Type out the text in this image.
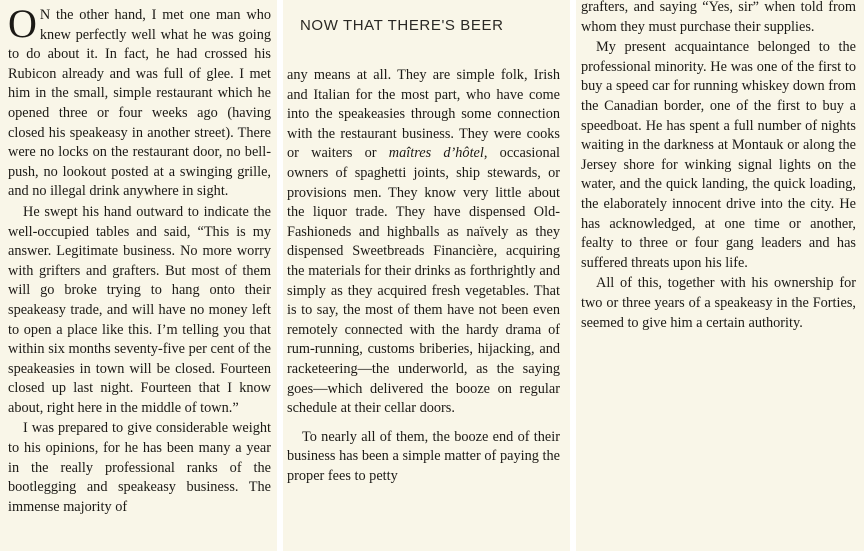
O N the other hand, I met one man who knew perfectly well what he was going to do about it. In fact, he had crossed his Rubicon already and was full of glee. I met him in the small, simple restaurant which he opened three or four weeks ago (having closed his speakeasy in another street). There were no locks on the restaurant door, no bell-push, no lookout posted at a swinging grille, and no illegal drink anywhere in sight.

He swept his hand outward to indicate the well-occupied tables and said, “This is my answer. Legitimate business. No more worry with grifters and grafters. But most of them will go broke trying to hang onto their speakeasy trade, and will have no money left to open a place like this. I’m telling you that within six months seventy-five per cent of the speakeasies in town will be closed. Fourteen closed up last night. Fourteen that I know about, right here in the middle of town.”

I was prepared to give considerable weight to his opinions, for he has been many a year in the really professional ranks of the bootlegging and speakeasy business. The immense majority of

NOW THAT THERE'S BEER

any means at all. They are simple folk, Irish and Italian for the most part, who have come into the speakeasies through some connection with the restaurant business. They were cooks or waiters or maîtres d’hôtel, occasional owners of spaghetti joints, ship stewards, or provisions men. They know very little about the liquor trade. They have dispensed Old-Fashioneds and highballs as naïvely as they dispensed Sweetbreads Financière, acquiring the materials for their drinks as forthrightly and simply as they acquired fresh vegetables. That is to say, the most of them have not been even remotely connected with the hardy drama of rum-running, customs briberies, hijacking, and racketeering—the underworld, as the saying goes—which delivered the booze on regular schedule at their cellar doors.

To nearly all of them, the booze end of their business has been a simple matter of paying the proper fees to petty

grafters, and saying “Yes, sir” when told from whom they must purchase their supplies.

My present acquaintance belonged to the professional minority. He was one of the first to buy a speed car for running whiskey down from the Canadian border, one of the first to buy a speedboat. He has spent a full number of nights waiting in the darkness at Montauk or along the Jersey shore for winking signal lights on the water, and the quick landing, the quick loading, the elaborately innocent drive into the city. He has acknowledged, at one time or another, fealty to three or four gang leaders and has suffered threats upon his life.

All of this, together with his ownership for two or three years of a speakeasy in the Forties, seemed to give him a certain authority.
